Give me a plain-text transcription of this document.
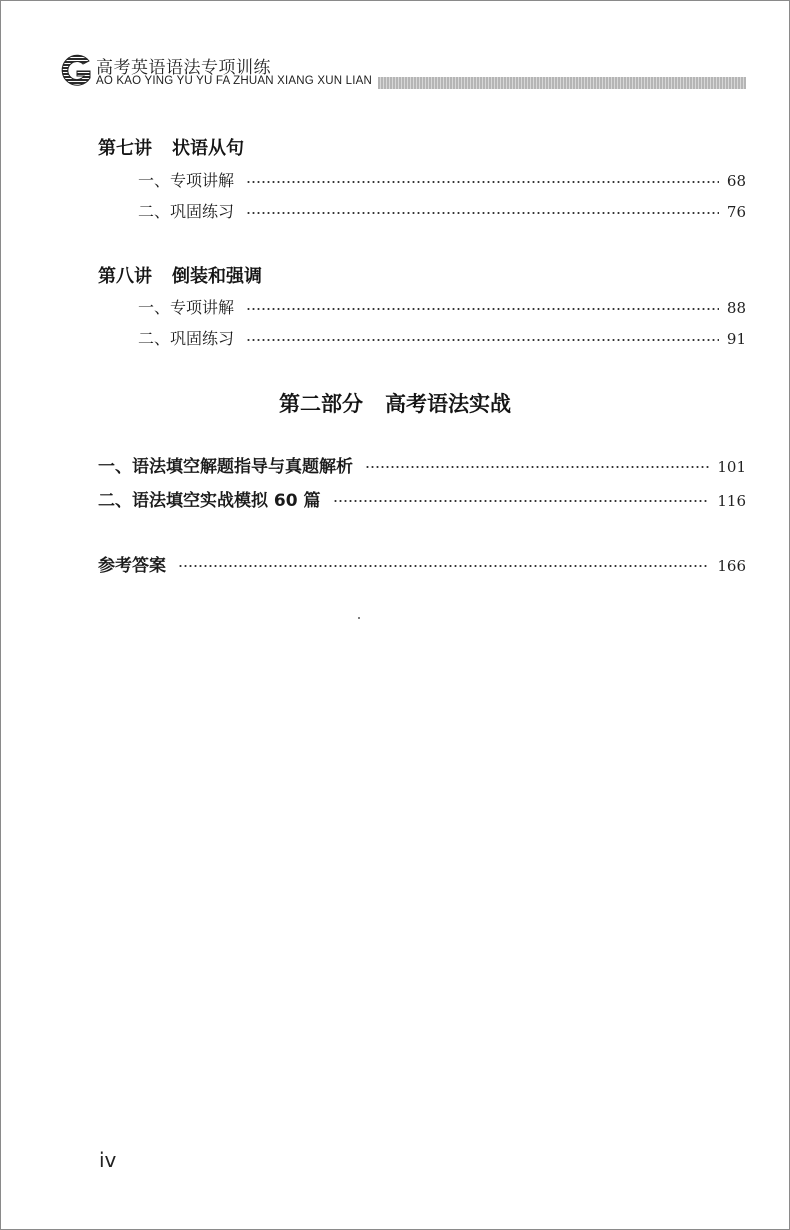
高考英语语法专项训练
AO KAO YING YU YU FA ZHUAN XIANG XUN LIAN
第七讲 状语从句
一、专项讲解	68
二、巩固练习	76
第八讲 倒装和强调
一、专项讲解	88
二、巩固练习	91
第二部分 高考语法实战
一、语法填空解题指导与真题解析	101
二、语法填空实战模拟 60 篇	116
参考答案	166
iv
